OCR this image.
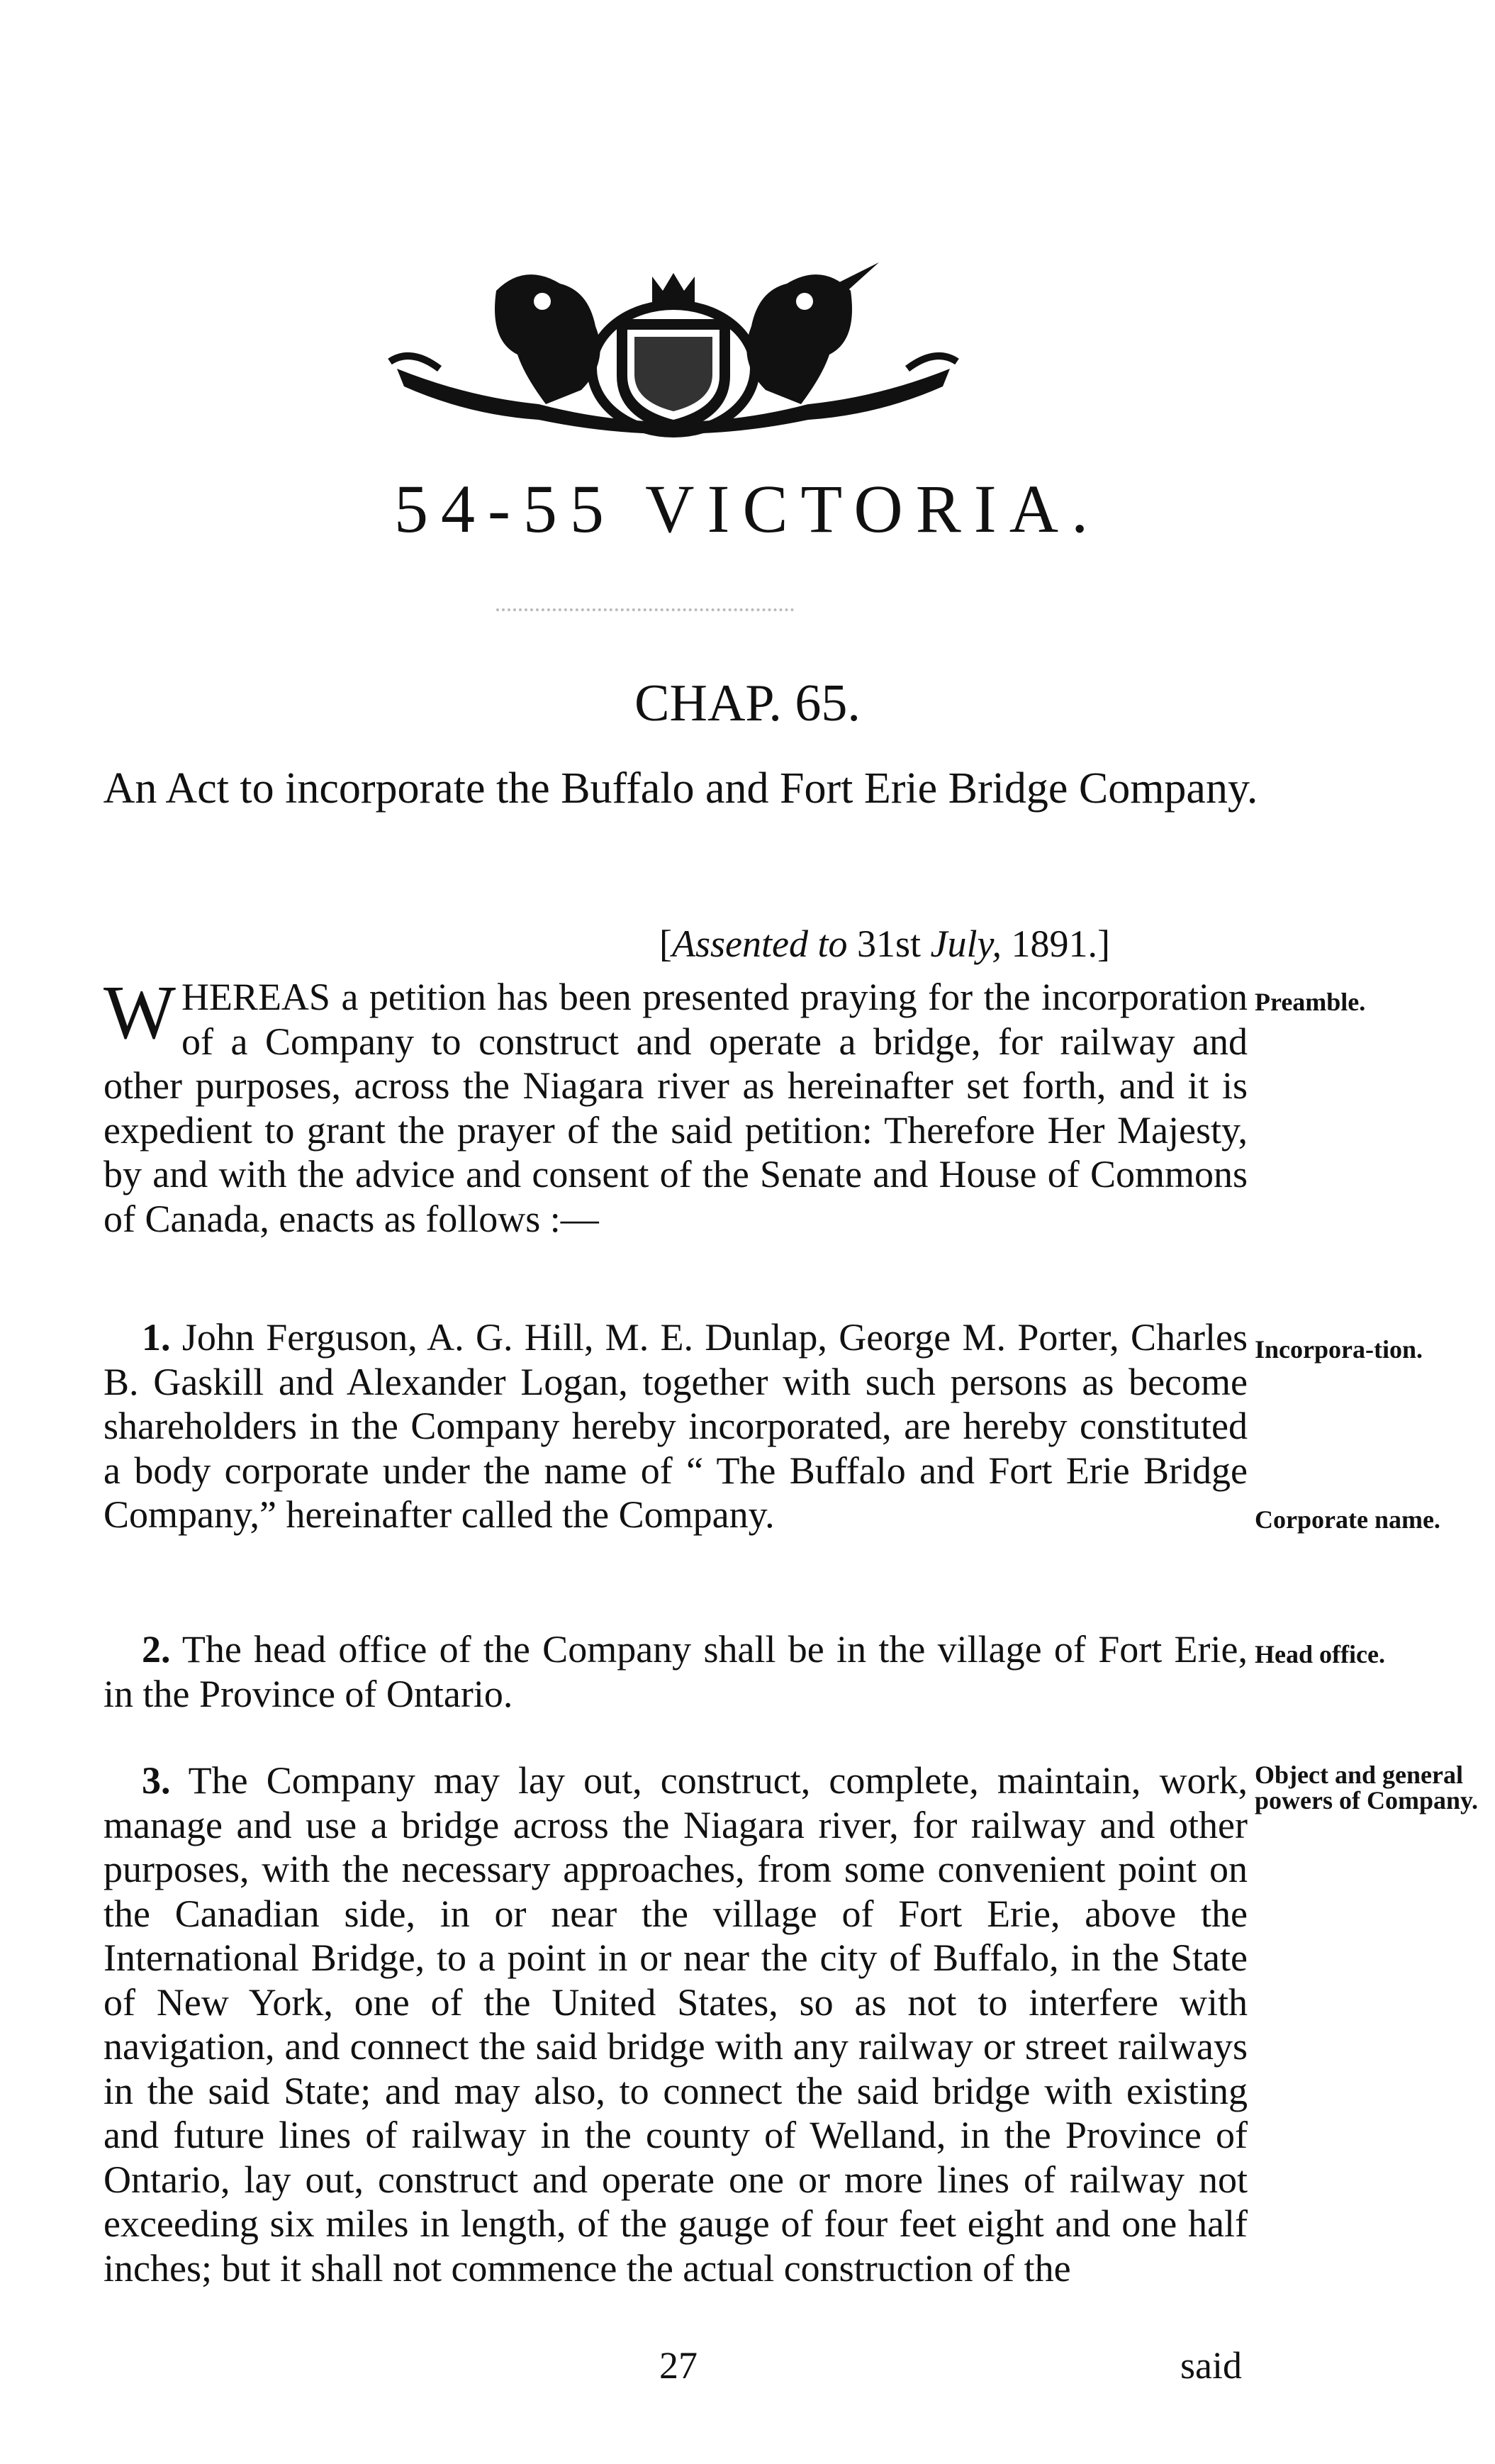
54-55 VICTORIA.
CHAP. 65.
An Act to incorporate the Buffalo and Fort Erie Bridge Company.
[Assented to 31st July, 1891.]
WHEREAS a petition has been presented praying for the incorporation of a Company to construct and operate a bridge, for railway and other purposes, across the Niagara river as hereinafter set forth, and it is expedient to grant the prayer of the said petition: Therefore Her Majesty, by and with the advice and consent of the Senate and House of Commons of Canada, enacts as follows :—
1. John Ferguson, A. G. Hill, M. E. Dunlap, George M. Porter, Charles B. Gaskill and Alexander Logan, together with such persons as become shareholders in the Company hereby incorporated, are hereby constituted a body corporate under the name of “ The Buffalo and Fort Erie Bridge Company,” hereinafter called the Company.
2. The head office of the Company shall be in the village of Fort Erie, in the Province of Ontario.
3. The Company may lay out, construct, complete, maintain, work, manage and use a bridge across the Niagara river, for railway and other purposes, with the necessary approaches, from some convenient point on the Canadian side, in or near the village of Fort Erie, above the International Bridge, to a point in or near the city of Buffalo, in the State of New York, one of the United States, so as not to interfere with navigation, and connect the said bridge with any railway or street railways in the said State; and may also, to connect the said bridge with existing and future lines of railway in the county of Welland, in the Province of Ontario, lay out, construct and operate one or more lines of railway not exceeding six miles in length, of the gauge of four feet eight and one half inches; but it shall not commence the actual construction of the
Preamble.
Incorpora-tion.
Corporate name.
Head office.
Object and general powers of Company.
27	said
